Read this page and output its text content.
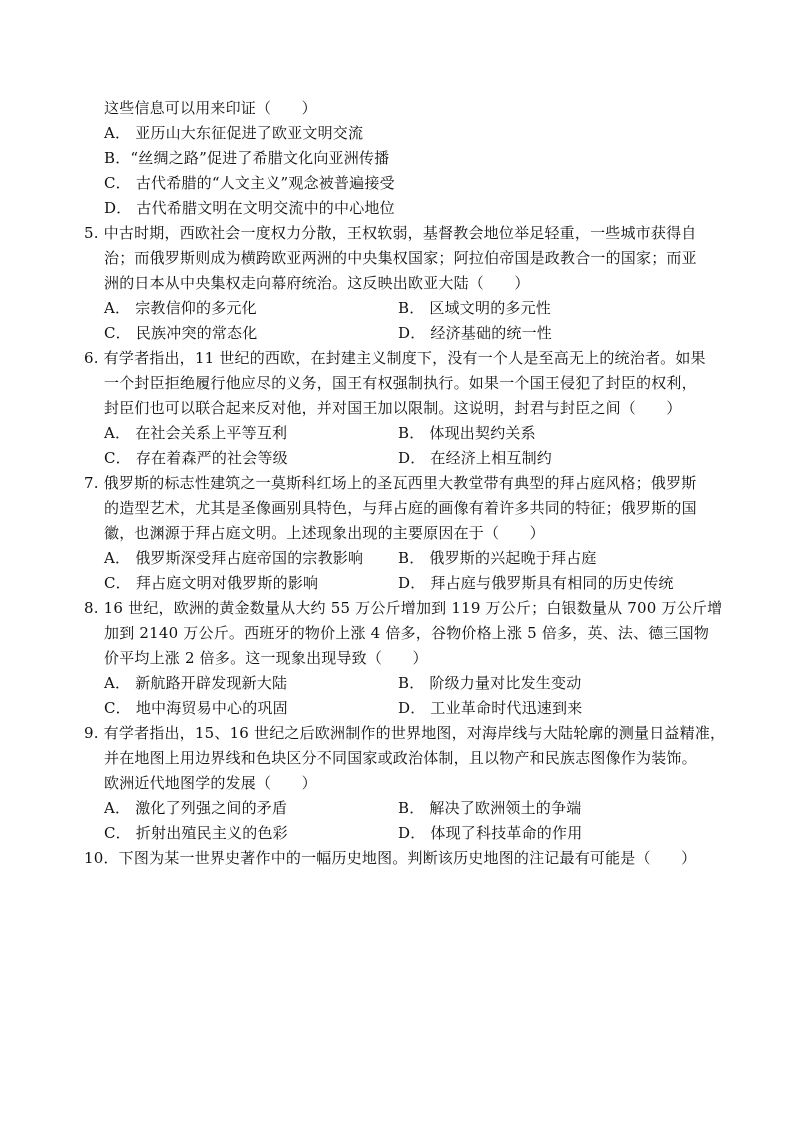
这些信息可以用来印证（　　）
A． 亚历山大东征促进了欧亚文明交流
B．“丝绸之路”促进了希腊文化向亚洲传播
C． 古代希腊的“人文主义”观念被普遍接受
D． 古代希腊文明在文明交流中的中心地位
5. 中古时期，西欧社会一度权力分散，王权软弱，基督教会地位举足轻重，一些城市获得自
治；而俄罗斯则成为横跨欧亚两洲的中央集权国家；阿拉伯帝国是政教合一的国家；而亚
洲的日本从中央集权走向幕府统治。这反映出欧亚大陆（　　）
A． 宗教信仰的多元化	B． 区域文明的多元性
C． 民族冲突的常态化	D． 经济基础的统一性
6. 有学者指出，11 世纪的西欧，在封建主义制度下，没有一个人是至高无上的统治者。如果
一个封臣拒绝履行他应尽的义务，国王有权强制执行。如果一个国王侵犯了封臣的权利，
封臣们也可以联合起来反对他，并对国王加以限制。这说明，封君与封臣之间（　　）
A． 在社会关系上平等互利	B． 体现出契约关系
C． 存在着森严的社会等级	D． 在经济上相互制约
7. 俄罗斯的标志性建筑之一莫斯科红场上的圣瓦西里大教堂带有典型的拜占庭风格；俄罗斯
的造型艺术，尤其是圣像画别具特色，与拜占庭的画像有着许多共同的特征；俄罗斯的国
徽，也渊源于拜占庭文明。上述现象出现的主要原因在于（　　）
A． 俄罗斯深受拜占庭帝国的宗教影响 B． 俄罗斯的兴起晚于拜占庭
C． 拜占庭文明对俄罗斯的影响	D． 拜占庭与俄罗斯具有相同的历史传统
8. 16 世纪，欧洲的黄金数量从大约 55 万公斤增加到 119 万公斤；白银数量从 700 万公斤增
加到 2140 万公斤。西班牙的物价上涨 4 倍多，谷物价格上涨 5 倍多，英、法、德三国物
价平均上涨 2 倍多。这一现象出现导致（　　）
A． 新航路开辟发现新大陆	B． 阶级力量对比发生变动
C． 地中海贸易中心的巩固	D． 工业革命时代迅速到来
9. 有学者指出，15、16 世纪之后欧洲制作的世界地图，对海岸线与大陆轮廓的测量日益精准，
并在地图上用边界线和色块区分不同国家或政治体制，且以物产和民族志图像作为装饰。
欧洲近代地图学的发展（　　）
A． 激化了列强之间的矛盾	B． 解决了欧洲领土的争端
C． 折射出殖民主义的色彩	D． 体现了科技革命的作用
10．下图为某一世界史著作中的一幅历史地图。判断该历史地图的注记最有可能是（　　）
